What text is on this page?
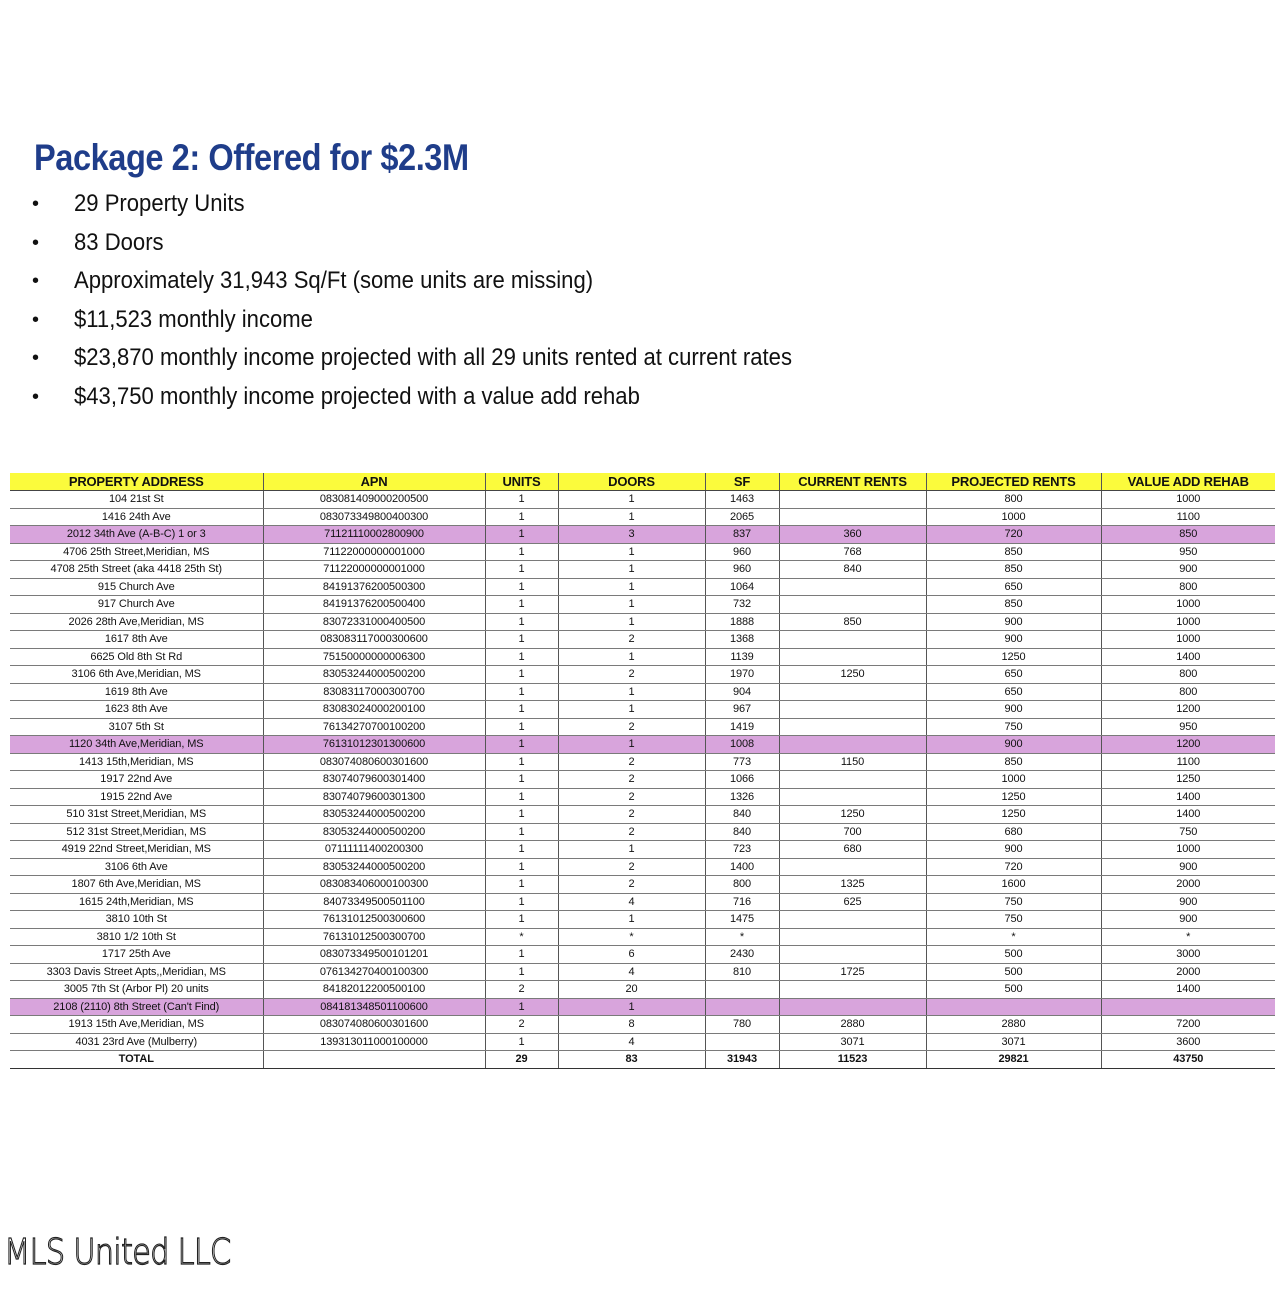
Package 2: Offered for $2.3M
•	29 Property Units
•	83 Doors
•	Approximately 31,943 Sq/Ft (some units are missing)
•	$11,523 monthly income
•	$23,870 monthly income projected with all 29 units rented at current rates
•	$43,750 monthly income projected with a value add rehab
PROPERTY ADDRESS	APN	UNITS	DOORS	SF	CURRENT RENTS	PROJECTED RENTS	VALUE ADD REHAB
104 21st St	083081409000200500	1	1	1463		800	1000
1416 24th Ave	083073349800400300	1	1	2065		1000	1100
2012 34th Ave (A-B-C) 1 or 3	71121110002800900	1	3	837	360	720	850
4706 25th Street,Meridian, MS	71122000000001000	1	1	960	768	850	950
4708 25th Street (aka 4418 25th St)	71122000000001000	1	1	960	840	850	900
915 Church Ave	84191376200500300	1	1	1064		650	800
917 Church Ave	84191376200500400	1	1	732		850	1000
2026 28th Ave,Meridian, MS	83072331000400500	1	1	1888	850	900	1000
1617 8th Ave	083083117000300600	1	2	1368		900	1000
6625 Old 8th St Rd	75150000000006300	1	1	1139		1250	1400
3106 6th Ave,Meridian, MS	83053244000500200	1	2	1970	1250	650	800
1619 8th Ave	83083117000300700	1	1	904		650	800
1623 8th Ave	83083024000200100	1	1	967		900	1200
3107 5th St	76134270700100200	1	2	1419		750	950
1120 34th Ave,Meridian, MS	76131012301300600	1	1	1008		900	1200
1413 15th,Meridian, MS	083074080600301600	1	2	773	1150	850	1100
1917 22nd Ave	83074079600301400	1	2	1066		1000	1250
1915 22nd Ave	83074079600301300	1	2	1326		1250	1400
510 31st Street,Meridian, MS	83053244000500200	1	2	840	1250	1250	1400
512 31st Street,Meridian, MS	83053244000500200	1	2	840	700	680	750
4919 22nd Street,Meridian, MS	07111111400200300	1	1	723	680	900	1000
3106 6th Ave	83053244000500200	1	2	1400		720	900
1807 6th Ave,Meridian, MS	083083406000100300	1	2	800	1325	1600	2000
1615 24th,Meridian, MS	84073349500501100	1	4	716	625	750	900
3810 10th St	76131012500300600	1	1	1475		750	900
3810 1/2 10th St	76131012500300700	*	*	*		*	*
1717 25th Ave	083073349500101201	1	6	2430		500	3000
3303 Davis Street Apts,,Meridian, MS	076134270400100300	1	4	810	1725	500	2000
3005 7th St (Arbor Pl) 20 units	84182012200500100	2	20			500	1400
2108 (2110) 8th Street (Can't Find)	084181348501100600	1	1				
1913 15th Ave,Meridian, MS	083074080600301600	2	8	780	2880	2880	7200
4031 23rd Ave (Mulberry)	139313011000100000	1	4		3071	3071	3600
TOTAL		29	83	31943	11523	29821	43750
MLS United LLC
